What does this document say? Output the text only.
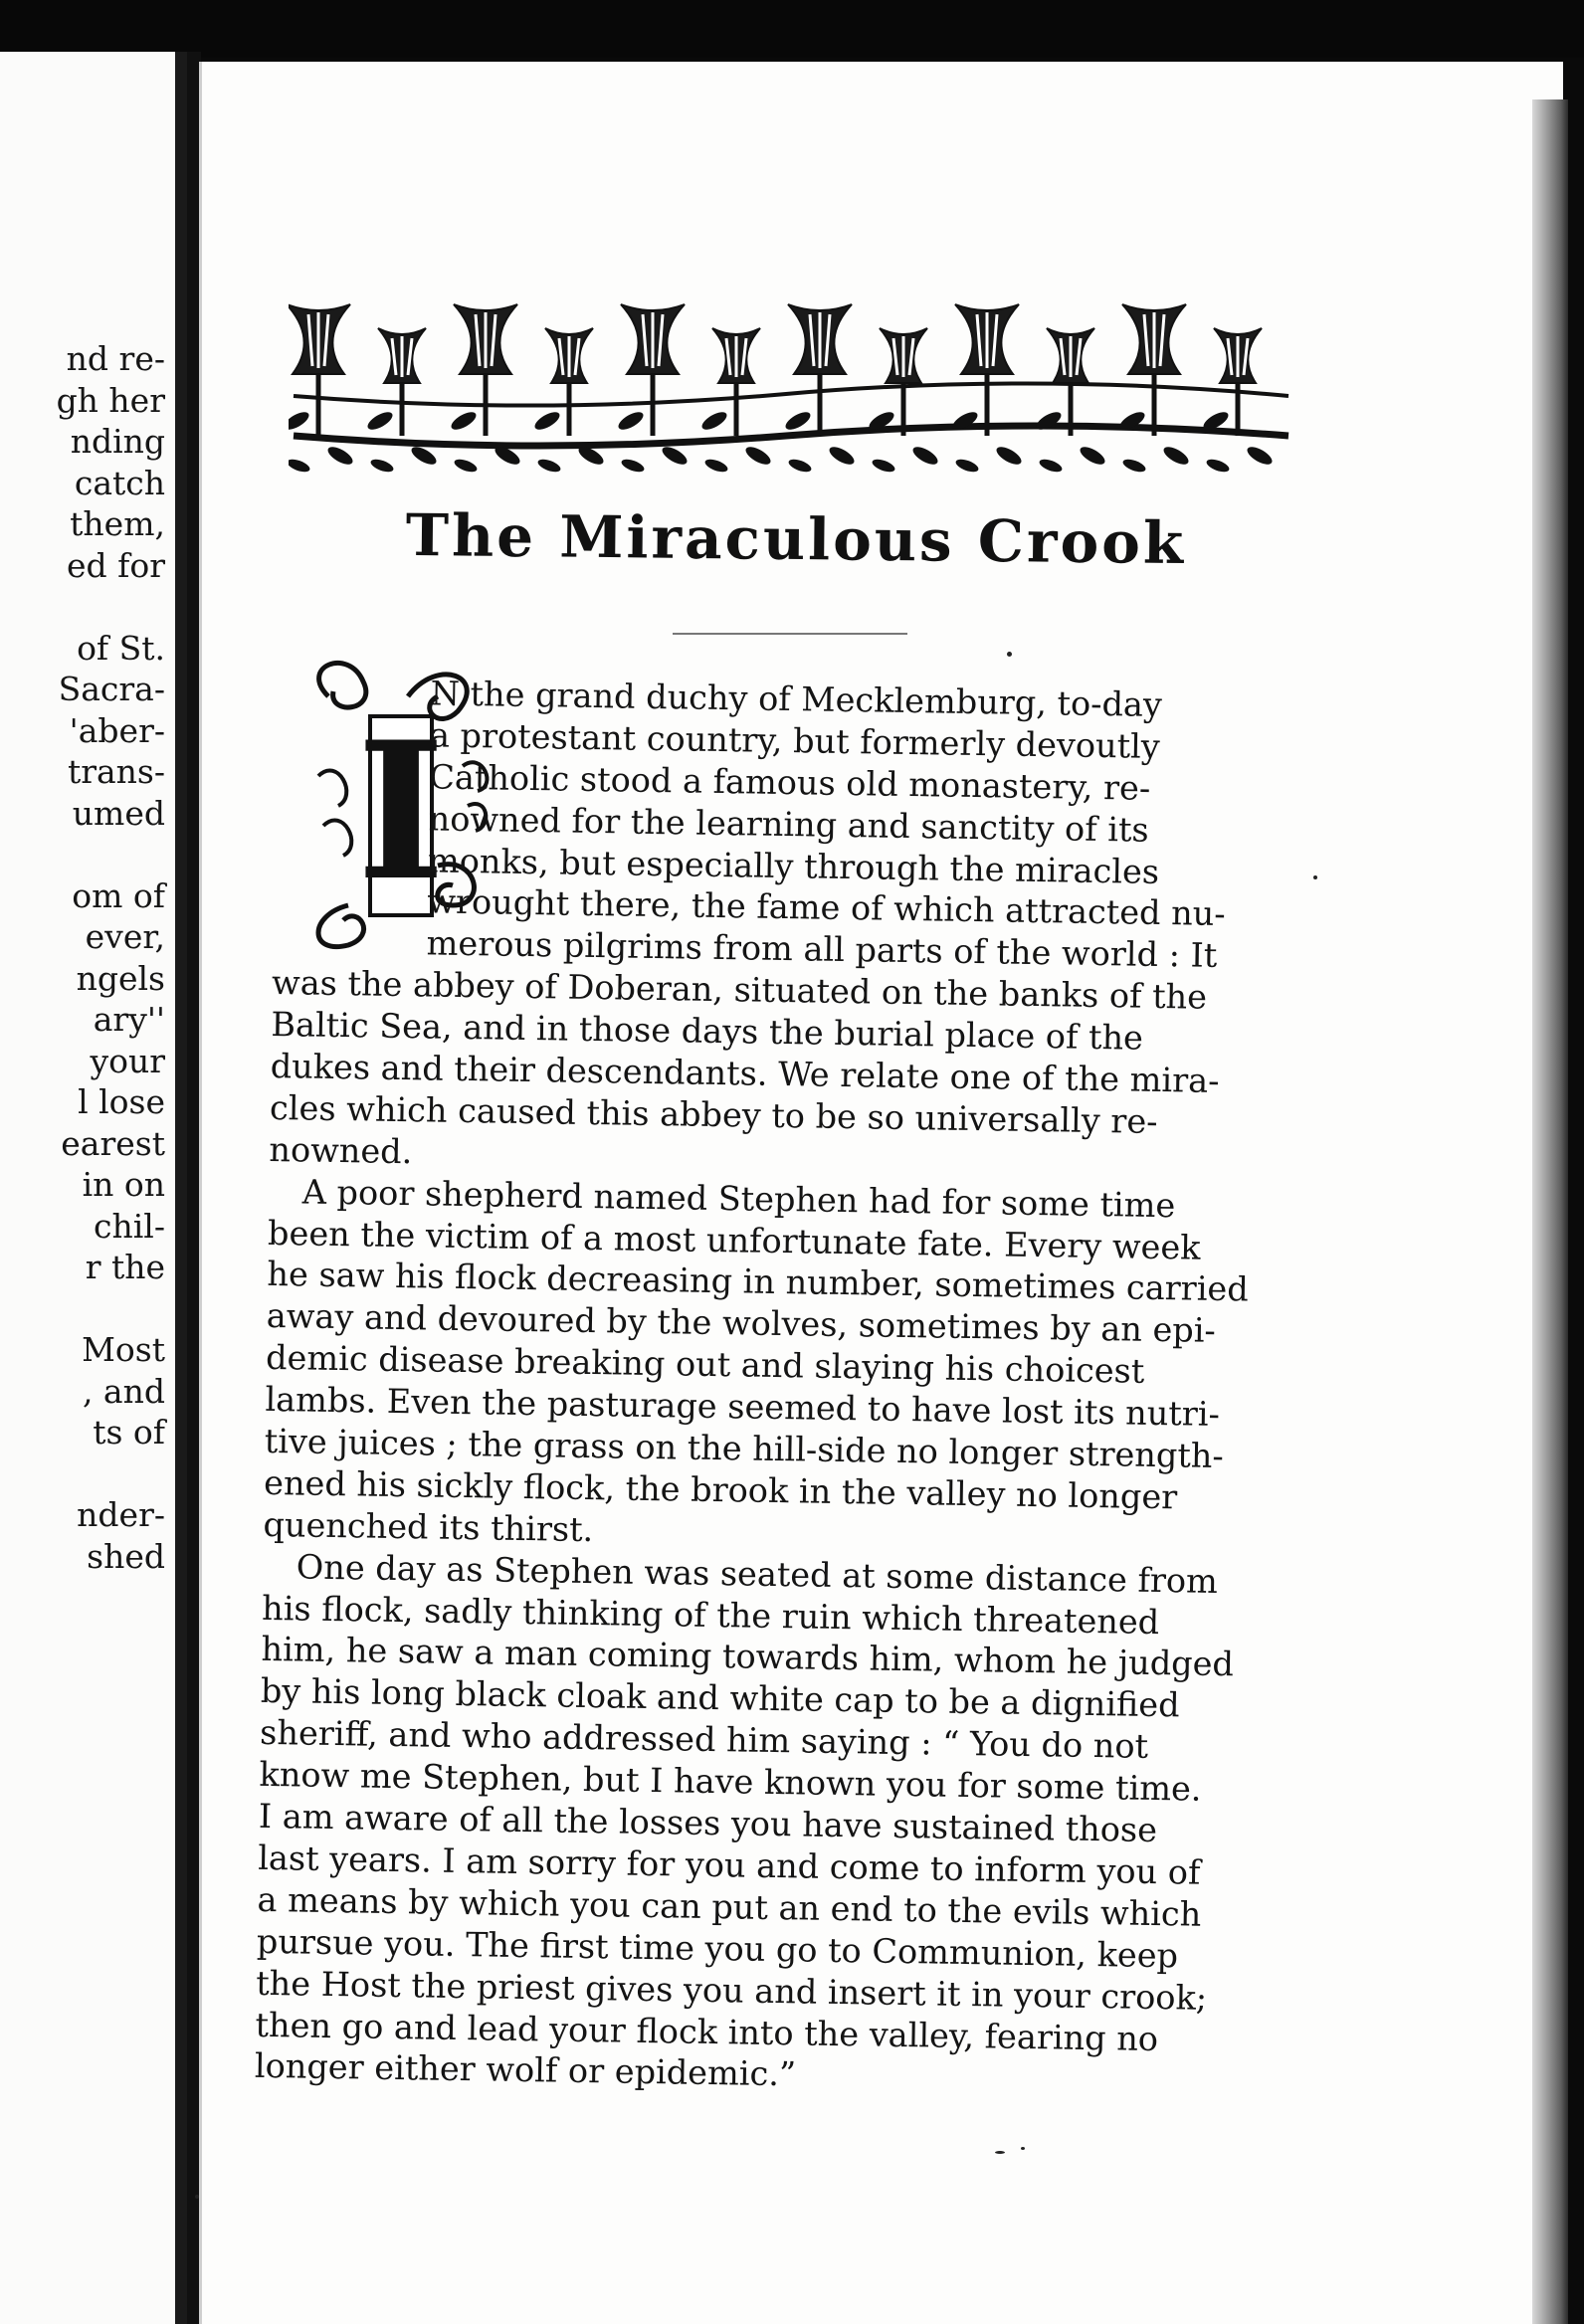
nd re-
gh her
nding
catch
them,
ed for
of St.
Sacra-
'aber-
trans-
umed
om of
ever,
ngels
ary''
your
l lose
earest
in on
chil-
r the
Most
, and
ts of
nder-
shed
The Miraculous Crook
I
N the grand duchy of Mecklemburg, to-day
a protestant country, but formerly devoutly
Catholic stood a famous old monastery, re-
nowned for the learning and sanctity of its
monks, but especially through the miracles
wrought there, the fame of which attracted nu-
merous pilgrims from all parts of the world : It
was the abbey of Doberan, situated on the banks of the
Baltic Sea, and in those days the burial place of the
dukes and their descendants. We relate one of the mira-
cles which caused this abbey to be so universally re-
nowned.
A poor shepherd named Stephen had for some time
been the victim of a most unfortunate fate. Every week
he saw his flock decreasing in number, sometimes carried
away and devoured by the wolves, sometimes by an epi-
demic disease breaking out and slaying his choicest
lambs. Even the pasturage seemed to have lost its nutri-
tive juices ; the grass on the hill-side no longer strength-
ened his sickly flock, the brook in the valley no longer
quenched its thirst.
One day as Stephen was seated at some distance from
his flock, sadly thinking of the ruin which threatened
him, he saw a man coming towards him, whom he judged
by his long black cloak and white cap to be a dignified
sheriff, and who addressed him saying : “ You do not
know me Stephen, but I have known you for some time.
I am aware of all the losses you have sustained those
last years. I am sorry for you and come to inform you of
a means by which you can put an end to the evils which
pursue you. The first time you go to Communion, keep
the Host the priest gives you and insert it in your crook;
then go and lead your flock into the valley, fearing no
longer either wolf or epidemic.”
